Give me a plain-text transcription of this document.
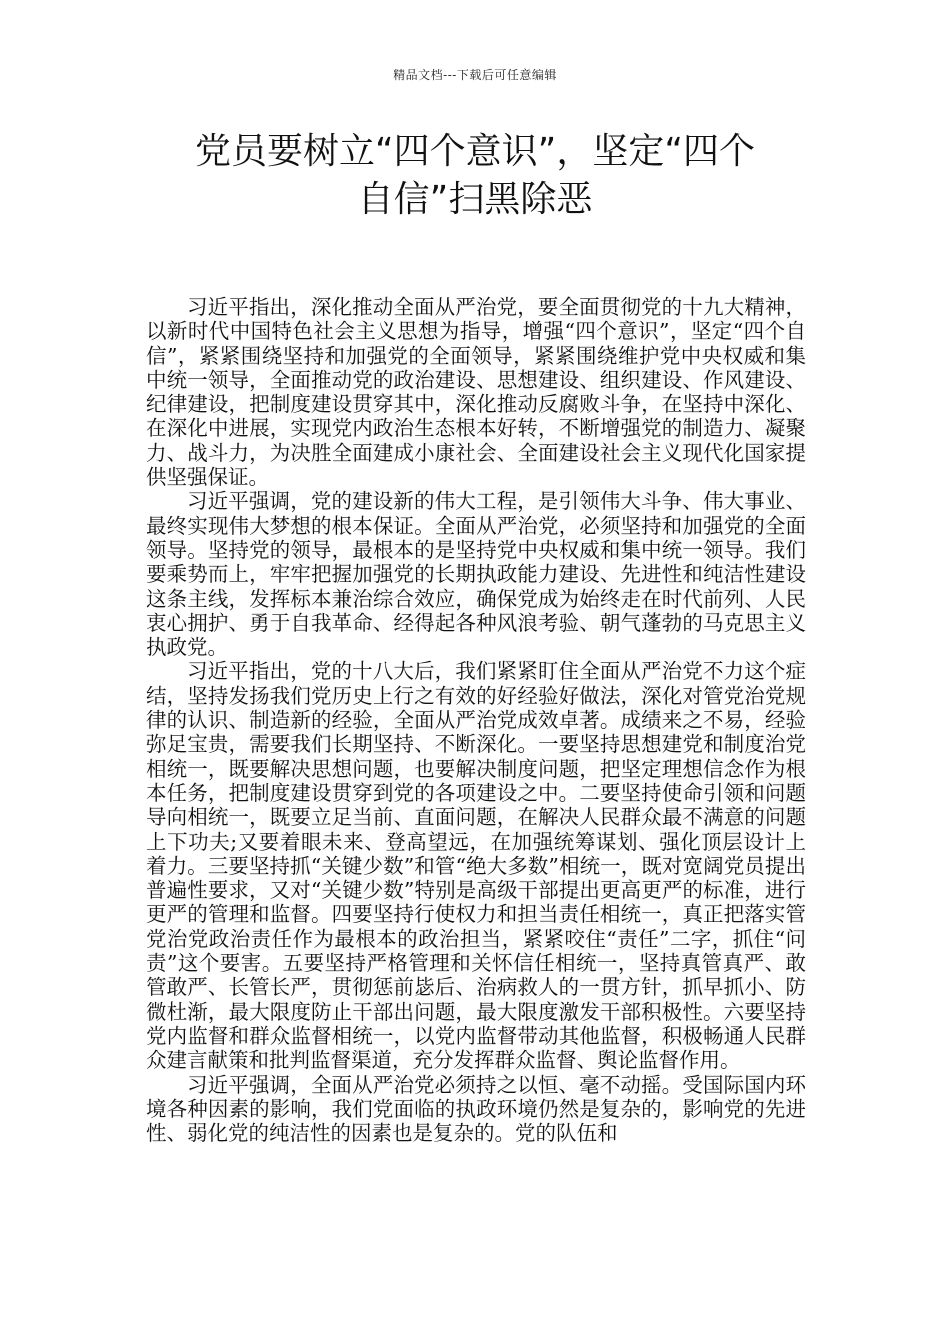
精品文档---下载后可任意编辑
党员要树立“四个意识”，坚定“四个
自信”扫黑除恶

习近平指出，深化推动全面从严治党，要全面贯彻党的十九大精神，以新时代中国特色社会主义思想为指导，增强“四个意识”，坚定“四个自信”，紧紧围绕坚持和加强党的全面领导，紧紧围绕维护党中央权威和集中统一领导，全面推动党的政治建设、思想建设、组织建设、作风建设、纪律建设，把制度建设贯穿其中，深化推动反腐败斗争，在坚持中深化、在深化中进展，实现党内政治生态根本好转，不断增强党的制造力、凝聚力、战斗力，为决胜全面建成小康社会、全面建设社会主义现代化国家提供坚强保证。

习近平强调，党的建设新的伟大工程，是引领伟大斗争、伟大事业、最终实现伟大梦想的根本保证。全面从严治党，必须坚持和加强党的全面领导。坚持党的领导，最根本的是坚持党中央权威和集中统一领导。我们要乘势而上，牢牢把握加强党的长期执政能力建设、先进性和纯洁性建设这条主线，发挥标本兼治综合效应，确保党成为始终走在时代前列、人民衷心拥护、勇于自我革命、经得起各种风浪考验、朝气蓬勃的马克思主义执政党。

习近平指出，党的十八大后，我们紧紧盯住全面从严治党不力这个症结，坚持发扬我们党历史上行之有效的好经验好做法，深化对管党治党规律的认识、制造新的经验，全面从严治党成效卓著。成绩来之不易，经验弥足宝贵，需要我们长期坚持、不断深化。一要坚持思想建党和制度治党相统一，既要解决思想问题，也要解决制度问题，把坚定理想信念作为根本任务，把制度建设贯穿到党的各项建设之中。二要坚持使命引领和问题导向相统一，既要立足当前、直面问题，在解决人民群众最不满意的问题上下功夫;又要着眼未来、登高望远，在加强统筹谋划、强化顶层设计上着力。三要坚持抓“关键少数”和管“绝大多数”相统一，既对宽阔党员提出普遍性要求，又对“关键少数”特别是高级干部提出更高更严的标准，进行更严的管理和监督。四要坚持行使权力和担当责任相统一，真正把落实管党治党政治责任作为最根本的政治担当，紧紧咬住“责任”二字，抓住“问责”这个要害。五要坚持严格管理和关怀信任相统一，坚持真管真严、敢管敢严、长管长严，贯彻惩前毖后、治病救人的一贯方针，抓早抓小、防微杜渐，最大限度防止干部出问题，最大限度激发干部积极性。六要坚持党内监督和群众监督相统一，以党内监督带动其他监督，积极畅通人民群众建言献策和批判监督渠道，充分发挥群众监督、舆论监督作用。

习近平强调，全面从严治党必须持之以恒、毫不动摇。受国际国内环境各种因素的影响，我们党面临的执政环境仍然是复杂的，影响党的先进性、弱化党的纯洁性的因素也是复杂的。党的队伍和
